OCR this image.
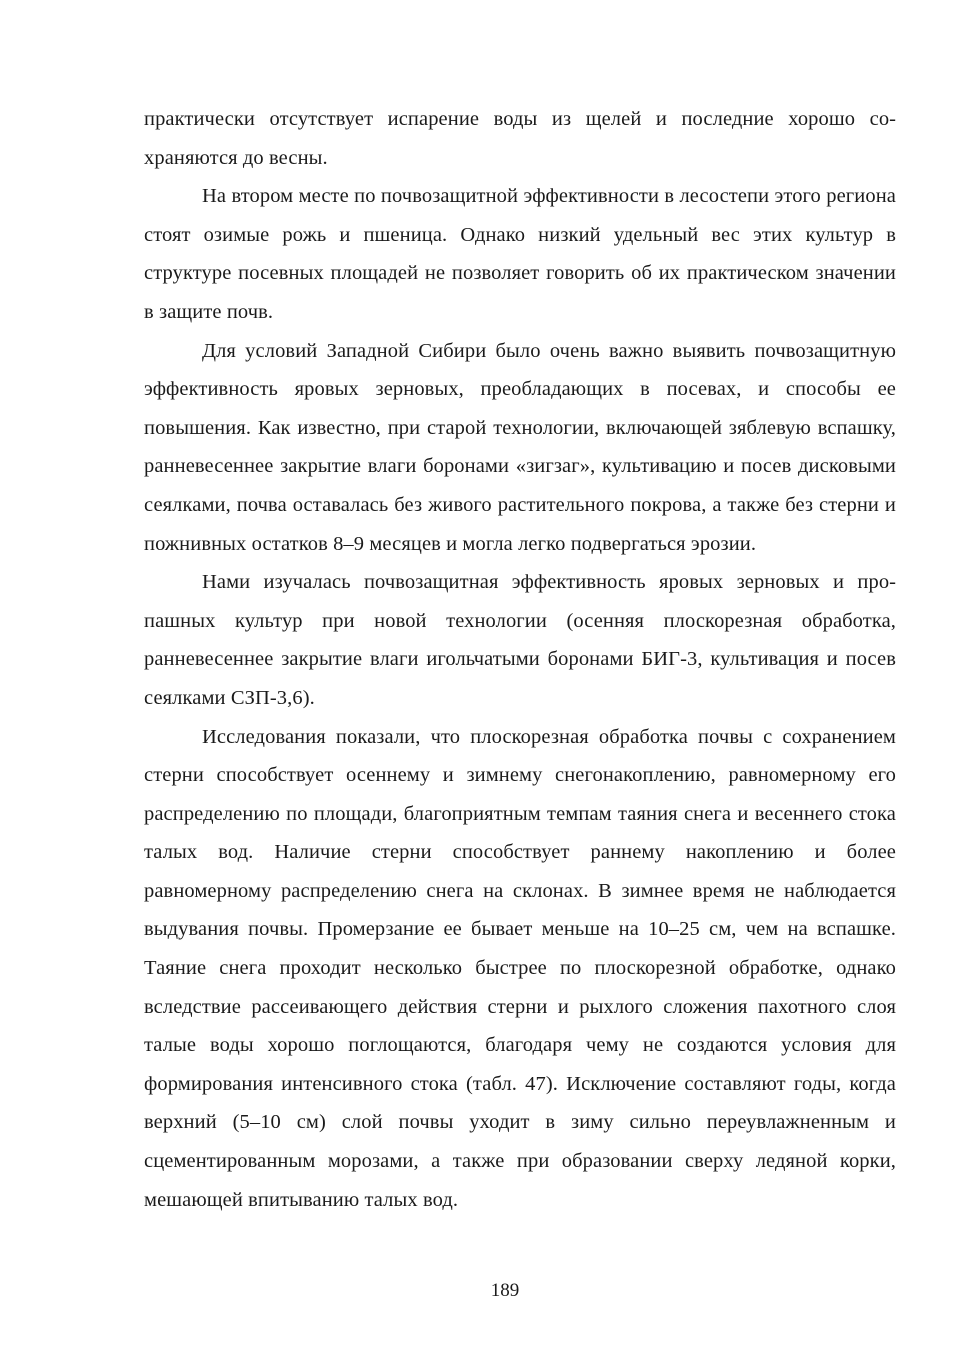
практически отсутствует испарение воды из щелей и последние хорошо сохраняются до весны.

На втором месте по почвозащитной эффективности в лесостепи этого региона стоят озимые рожь и пшеница. Однако низкий удельный вес этих культур в структуре посевных площадей не позволяет говорить об их практическом значении в защите почв.

Для условий Западной Сибири было очень важно выявить почвозащитную эффективность яровых зерновых, преобладающих в посевах, и способы ее повышения. Как известно, при старой технологии, включающей зяблевую вспашку, ранневесеннее закрытие влаги боронами «зигзаг», культивацию и посев дисковыми сеялками, почва оставалась без живого растительного покрова, а также без стерни и пожнивных остатков 8–9 месяцев и могла легко подвергаться эрозии.

Нами изучалась почвозащитная эффективность яровых зерновых и пропашных культур при новой технологии (осенняя плоскорезная обработка, ранневесеннее закрытие влаги игольчатыми боронами БИГ-3, культивация и посев сеялками СЗП-3,6).

Исследования показали, что плоскорезная обработка почвы с сохранением стерни способствует осеннему и зимнему снегонакоплению, равномерному его распределению по площади, благоприятным темпам таяния снега и весеннего стока талых вод. Наличие стерни способствует раннему накоплению и более равномерному распределению снега на склонах. В зимнее время не наблюдается выдувания почвы. Промерзание ее бывает меньше на 10–25 см, чем на вспашке. Таяние снега проходит несколько быстрее по плоскорезной обработке, однако вследствие рассеивающего действия стерни и рыхлого сложения пахотного слоя талые воды хорошо поглощаются, благодаря чему не создаются условия для формирования интенсивного стока (табл. 47). Исключение составляют годы, когда верхний (5–10 см) слой почвы уходит в зиму сильно переувлажненным и сцементированным морозами, а также при образовании сверху ледяной корки, мешающей впитыванию талых вод.

189
